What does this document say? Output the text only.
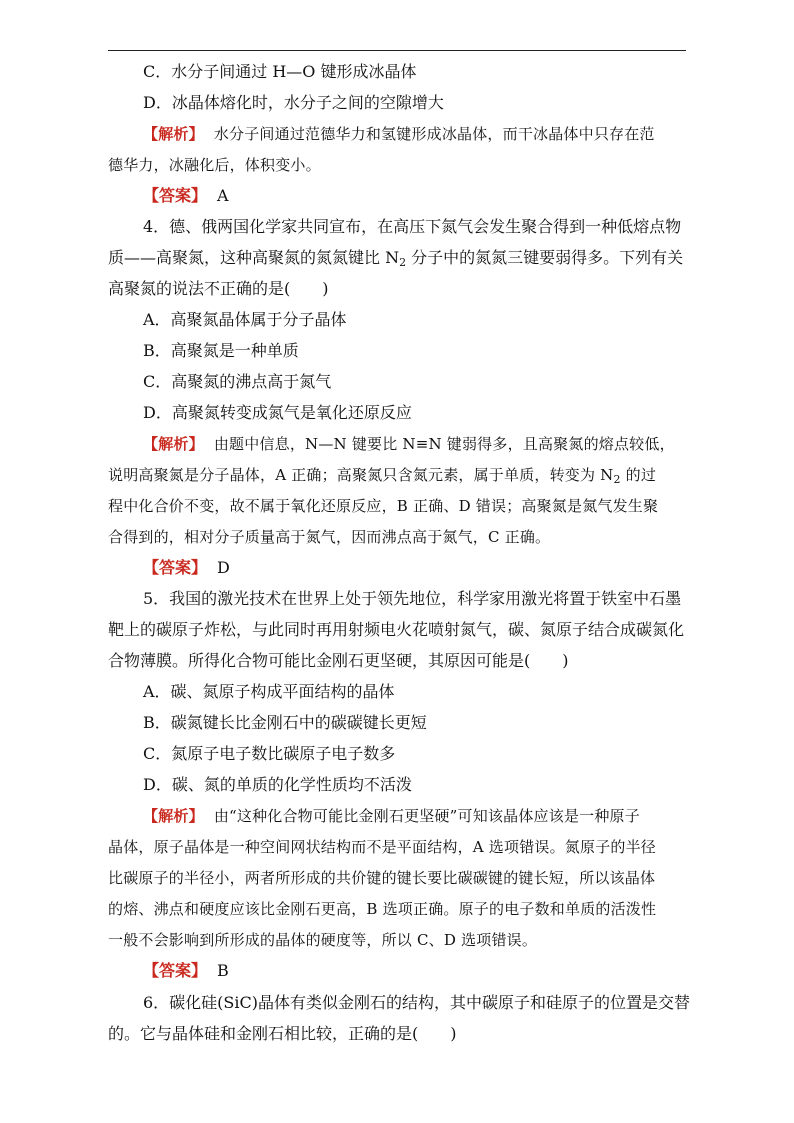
C．水分子间通过 H—O 键形成冰晶体
D．冰晶体熔化时，水分子之间的空隙增大
【解析】 水分子间通过范德华力和氢键形成冰晶体，而干冰晶体中只存在范
德华力，冰融化后，体积变小。
【答案】 A
4．德、俄两国化学家共同宣布，在高压下氮气会发生聚合得到一种低熔点物
质——高聚氮，这种高聚氮的氮氮键比 $N_2$ 分子中的氮氮三键要弱得多。下列有关
高聚氮的说法不正确的是(　　)
A．高聚氮晶体属于分子晶体
B．高聚氮是一种单质
C．高聚氮的沸点高于氮气
D．高聚氮转变成氮气是氧化还原反应
【解析】 由题中信息，N—N 键要比 N≡N 键弱得多，且高聚氮的熔点较低，
说明高聚氮是分子晶体，A 正确；高聚氮只含氮元素，属于单质，转变为 $N_2$ 的过
程中化合价不变，故不属于氧化还原反应，B 正确、D 错误；高聚氮是氮气发生聚
合得到的，相对分子质量高于氮气，因而沸点高于氮气，C 正确。
【答案】 D
5．我国的激光技术在世界上处于领先地位，科学家用激光将置于铁室中石墨
靶上的碳原子炸松，与此同时再用射频电火花喷射氮气，碳、氮原子结合成碳氮化
合物薄膜。所得化合物可能比金刚石更坚硬，其原因可能是(　　)
A．碳、氮原子构成平面结构的晶体
B．碳氮键长比金刚石中的碳碳键长更短
C．氮原子电子数比碳原子电子数多
D．碳、氮的单质的化学性质均不活泼
【解析】 由“这种化合物可能比金刚石更坚硬”可知该晶体应该是一种原子
晶体，原子晶体是一种空间网状结构而不是平面结构，A 选项错误。氮原子的半径
比碳原子的半径小，两者所形成的共价键的键长要比碳碳键的键长短，所以该晶体
的熔、沸点和硬度应该比金刚石更高，B 选项正确。原子的电子数和单质的活泼性
一般不会影响到所形成的晶体的硬度等，所以 C、D 选项错误。
【答案】 B
6．碳化硅(SiC)晶体有类似金刚石的结构，其中碳原子和硅原子的位置是交替
的。它与晶体硅和金刚石相比较，正确的是(　　)
